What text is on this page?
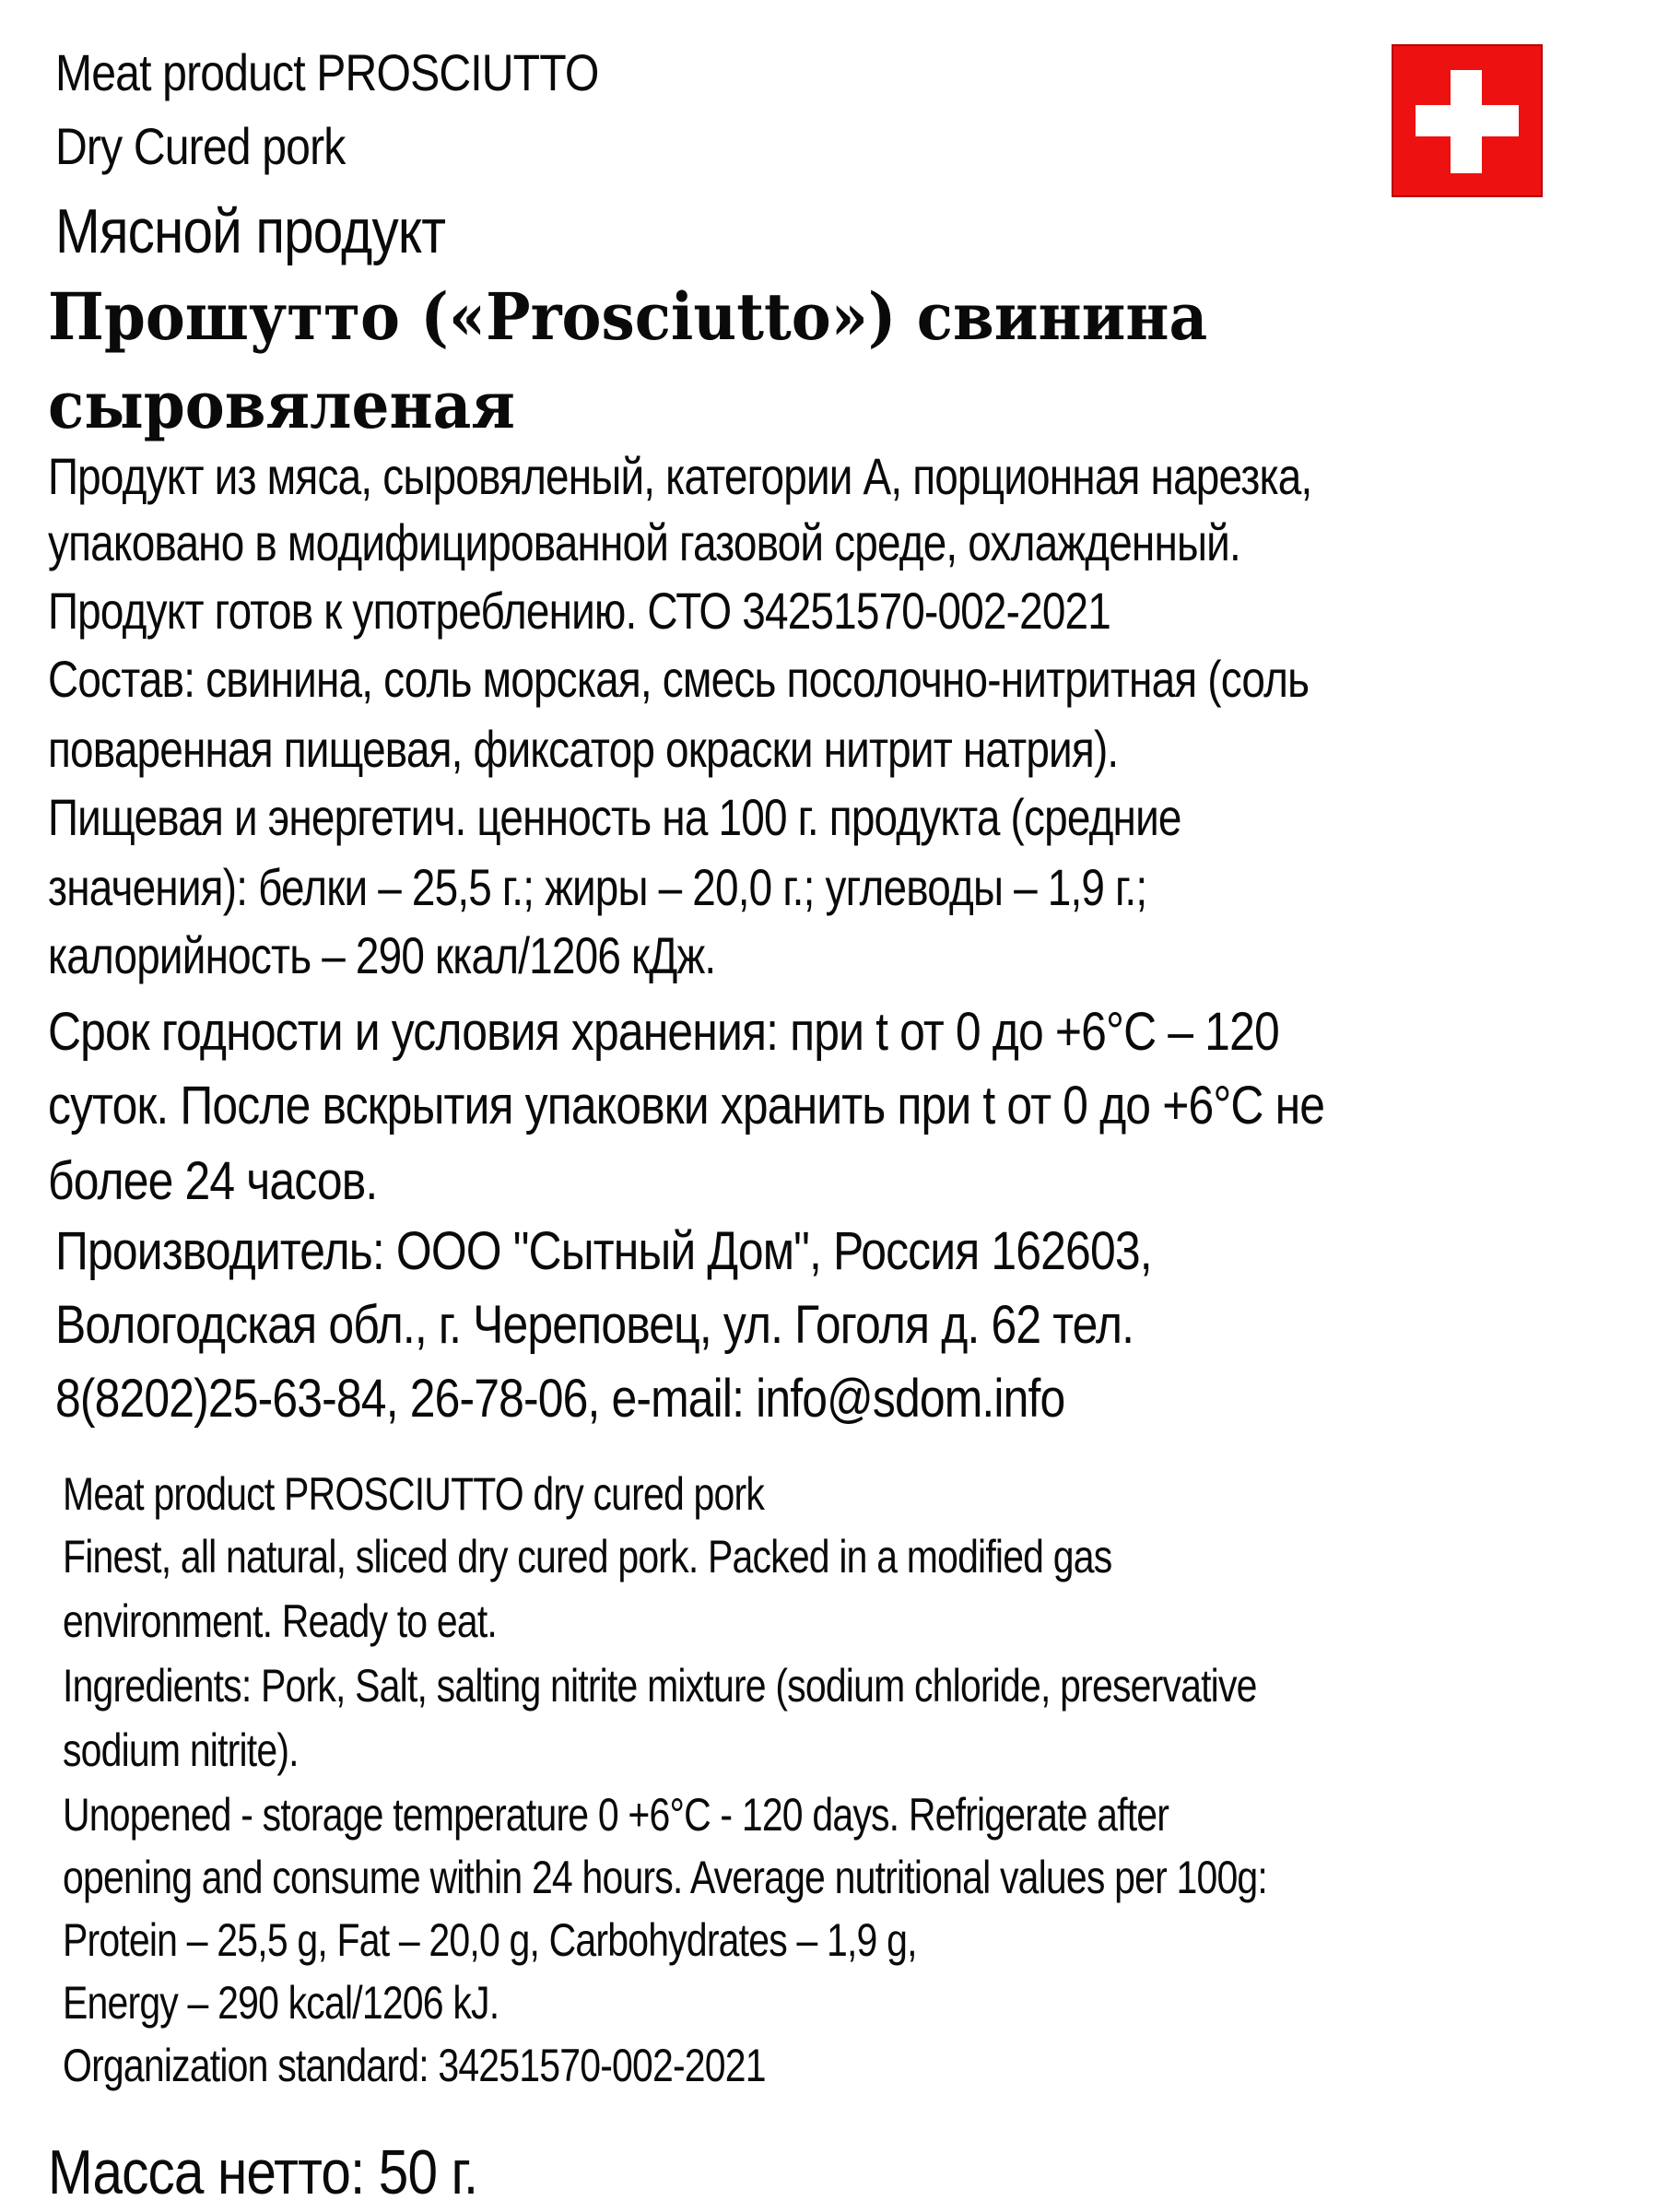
Meat product PROSCIUTTO
Dry Cured pork
Мясной продукт
Прошутто («Prosciutto») свинина
сыровяленая
Продукт из мяса, сыровяленый, категории А, порционная нарезка,
упаковано в модифицированной газовой среде, охлажденный.
Продукт готов к употреблению. СТО 34251570-002-2021
Состав: свинина, соль морская, смесь посолочно-нитритная (соль
поваренная пищевая, фиксатор окраски нитрит натрия).
Пищевая и энергетич. ценность на 100 г. продукта (средние
значения): белки – 25,5 г.; жиры – 20,0 г.; углеводы – 1,9 г.;
калорийность – 290 ккал/1206 кДж.
Срок годности и условия хранения: при t от 0 до +6°С – 120
суток. После вскрытия упаковки хранить при t от 0 до +6°С не
более 24 часов.
Производитель: ООО "Сытный Дом", Россия 162603,
Вологодская обл., г. Череповец, ул. Гоголя д. 62 тел.
8(8202)25-63-84, 26-78-06, e-mail: info@sdom.info
Meat product PROSCIUTTO dry cured pork
Finest, all natural, sliced dry cured pork. Packed in a modified gas
environment. Ready to eat.
Ingredients: Pork, Salt, salting nitrite mixture (sodium chloride, preservative
sodium nitrite).
Unopened - storage temperature 0 +6°C - 120 days. Refrigerate after
opening and consume within 24 hours. Average nutritional values per 100g:
Protein – 25,5 g, Fat – 20,0 g, Carbohydrates – 1,9 g,
Energy – 290 kcal/1206 kJ.
Organization standard: 34251570-002-2021
Масса нетто: 50 г.
